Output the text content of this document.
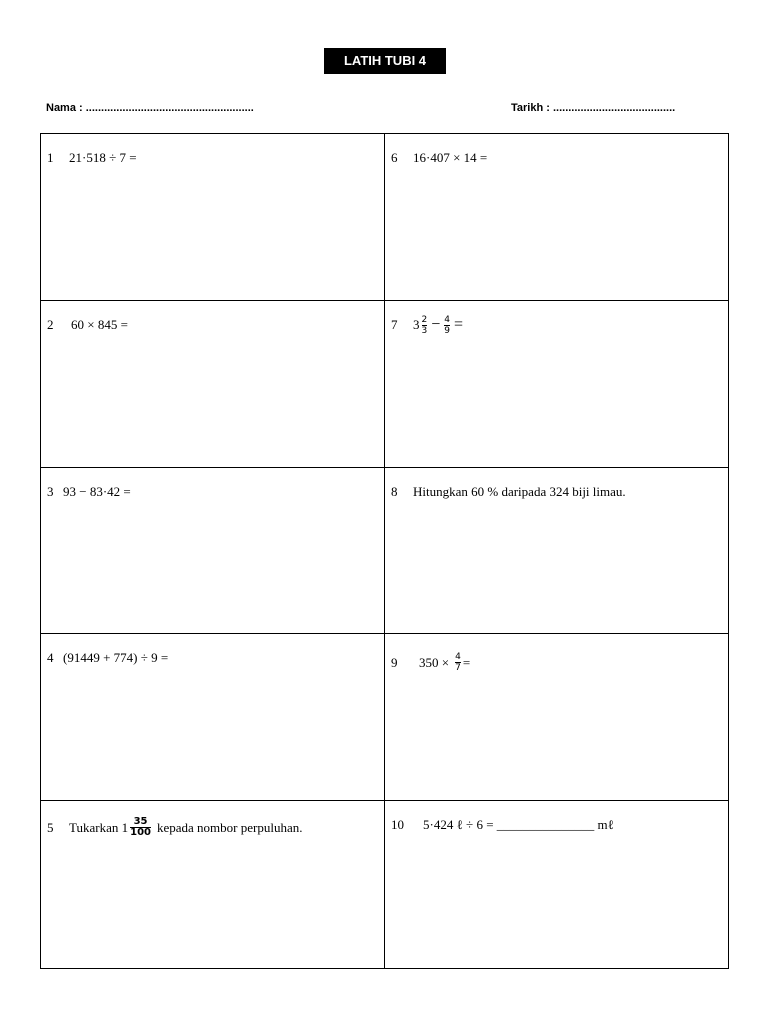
LATIH TUBI 4
Nama : .......................................................	Tarikh : ........................................
1	21·518 ÷ 7 =	6	16·407 × 14 =
2	60 × 845 =	7	$3 \frac{2}{3} - \frac{4}{9}$ =
3 93 − 83·42 =	8	Hitungkan 60 % daripada 324 biji limau.
4 (91449 + 774) ÷ 9 =	9	$350 \times \frac{4}{7}$ =
5	Tukarkan $1 \frac{35}{100}$ kepada nombor perpuluhan.	10	5·424 ℓ ÷ 6 = _______________ mℓ
